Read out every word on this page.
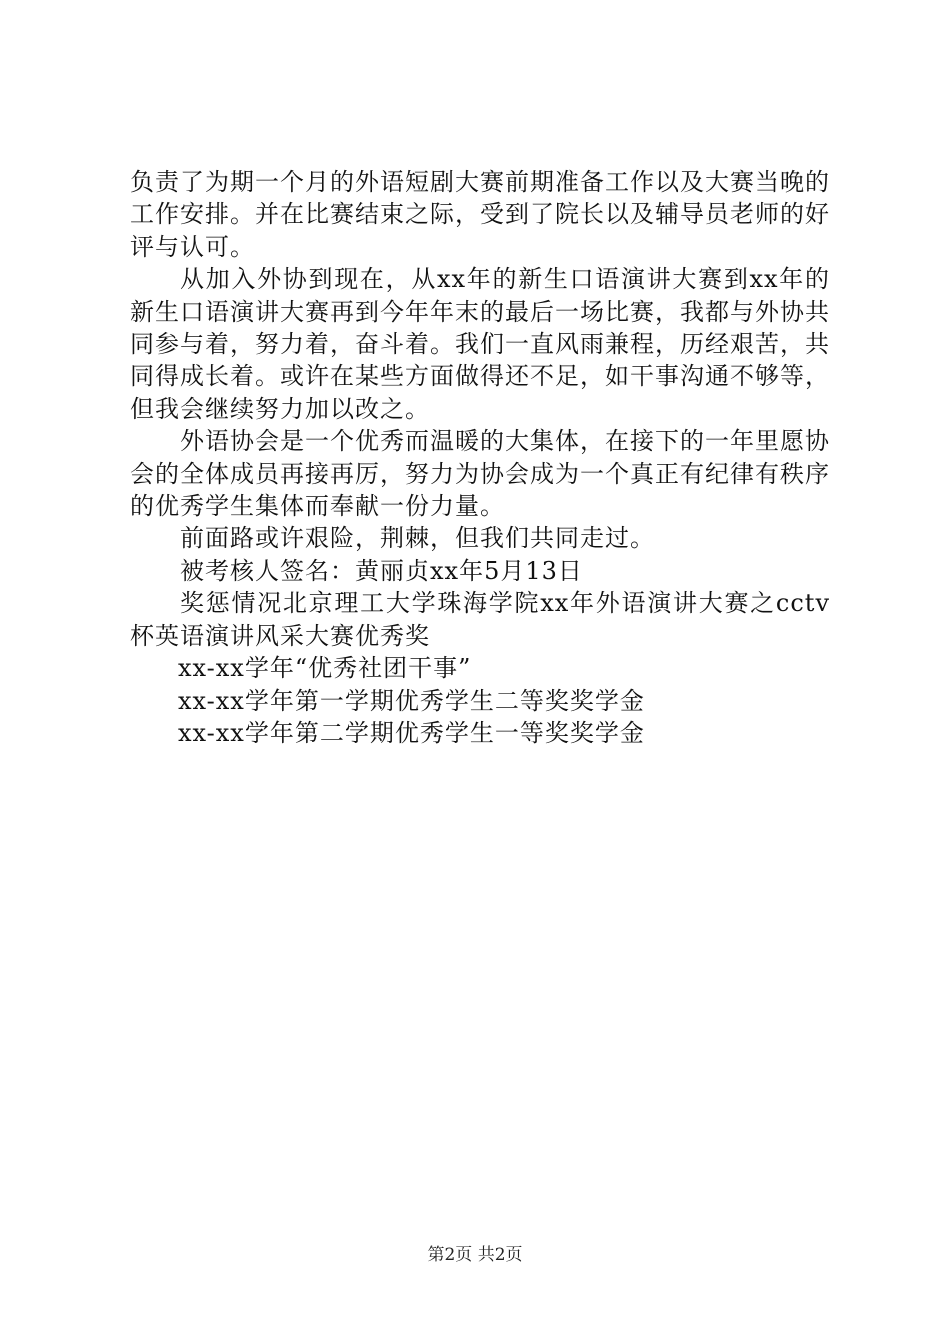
负责了为期一个月的外语短剧大赛前期准备工作以及大赛当晚的工作安排。并在比赛结束之际，受到了院长以及辅导员老师的好评与认可。

从加入外协到现在，从xx年的新生口语演讲大赛到xx年的新生口语演讲大赛再到今年年末的最后一场比赛，我都与外协共同参与着，努力着，奋斗着。我们一直风雨兼程，历经艰苦，共同得成长着。或许在某些方面做得还不足，如干事沟通不够等，但我会继续努力加以改之。

外语协会是一个优秀而温暖的大集体，在接下的一年里愿协会的全体成员再接再厉，努力为协会成为一个真正有纪律有秩序的优秀学生集体而奉献一份力量。

前面路或许艰险，荆棘，但我们共同走过。

被考核人签名：黄丽贞xx年5月13日

奖惩情况北京理工大学珠海学院xx年外语演讲大赛之cctv杯英语演讲风采大赛优秀奖

xx-xx学年“优秀社团干事”

xx-xx学年第一学期优秀学生二等奖奖学金

xx-xx学年第二学期优秀学生一等奖奖学金

第2页 共2页
